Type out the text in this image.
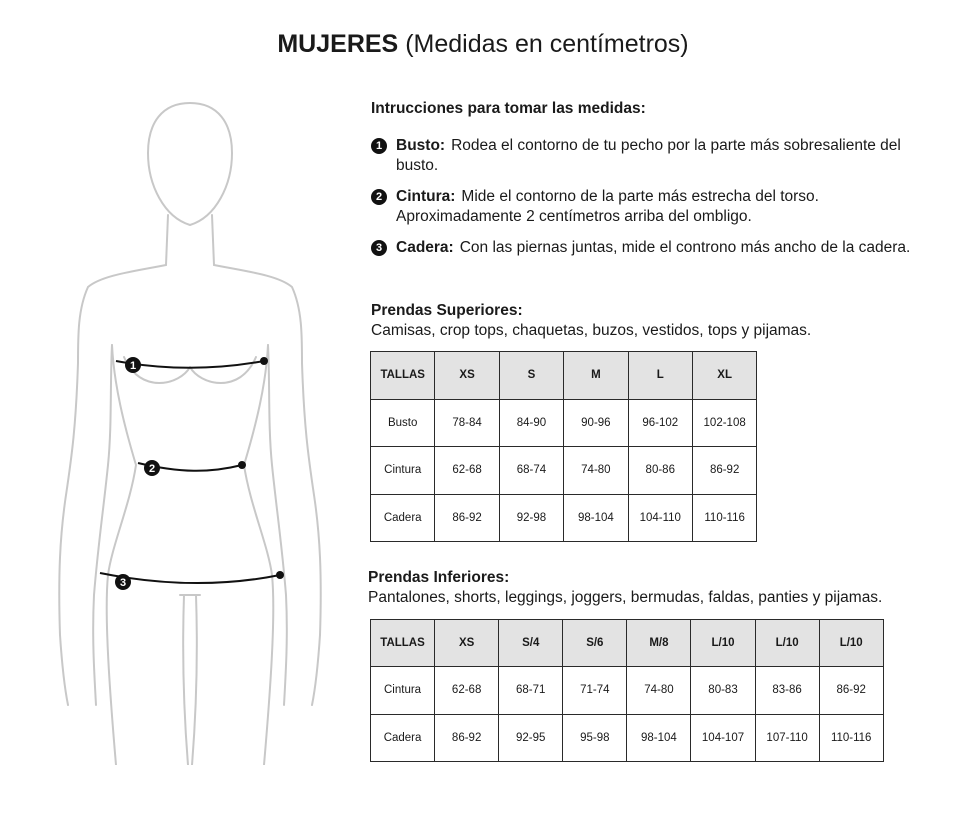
MUJERES (Medidas en centímetros)
1
2
3
Intrucciones para tomar las medidas:
1 Busto: Rodea el contorno de tu pecho por la parte más sobresaliente del busto.
2 Cintura: Mide el contorno de la parte más estrecha del torso. Aproximadamente 2 centímetros arriba del ombligo.
3 Cadera: Con las piernas juntas, mide el controno más ancho de la cadera.
Prendas Superiores:
Camisas, crop tops, chaquetas, buzos, vestidos, tops y pijamas.
TALLAS	XS	S	M	L	XL
Busto	78-84	84-90	90-96	96-102	102-108
Cintura	62-68	68-74	74-80	80-86	86-92
Cadera	86-92	92-98	98-104	104-110	110-116
Prendas Inferiores:
Pantalones, shorts, leggings, joggers, bermudas, faldas, panties y pijamas.
TALLAS	XS	S/4	S/6	M/8	L/10	L/10	L/10
Cintura	62-68	68-71	71-74	74-80	80-83	83-86	86-92
Cadera	86-92	92-95	95-98	98-104	104-107	107-110	110-116
